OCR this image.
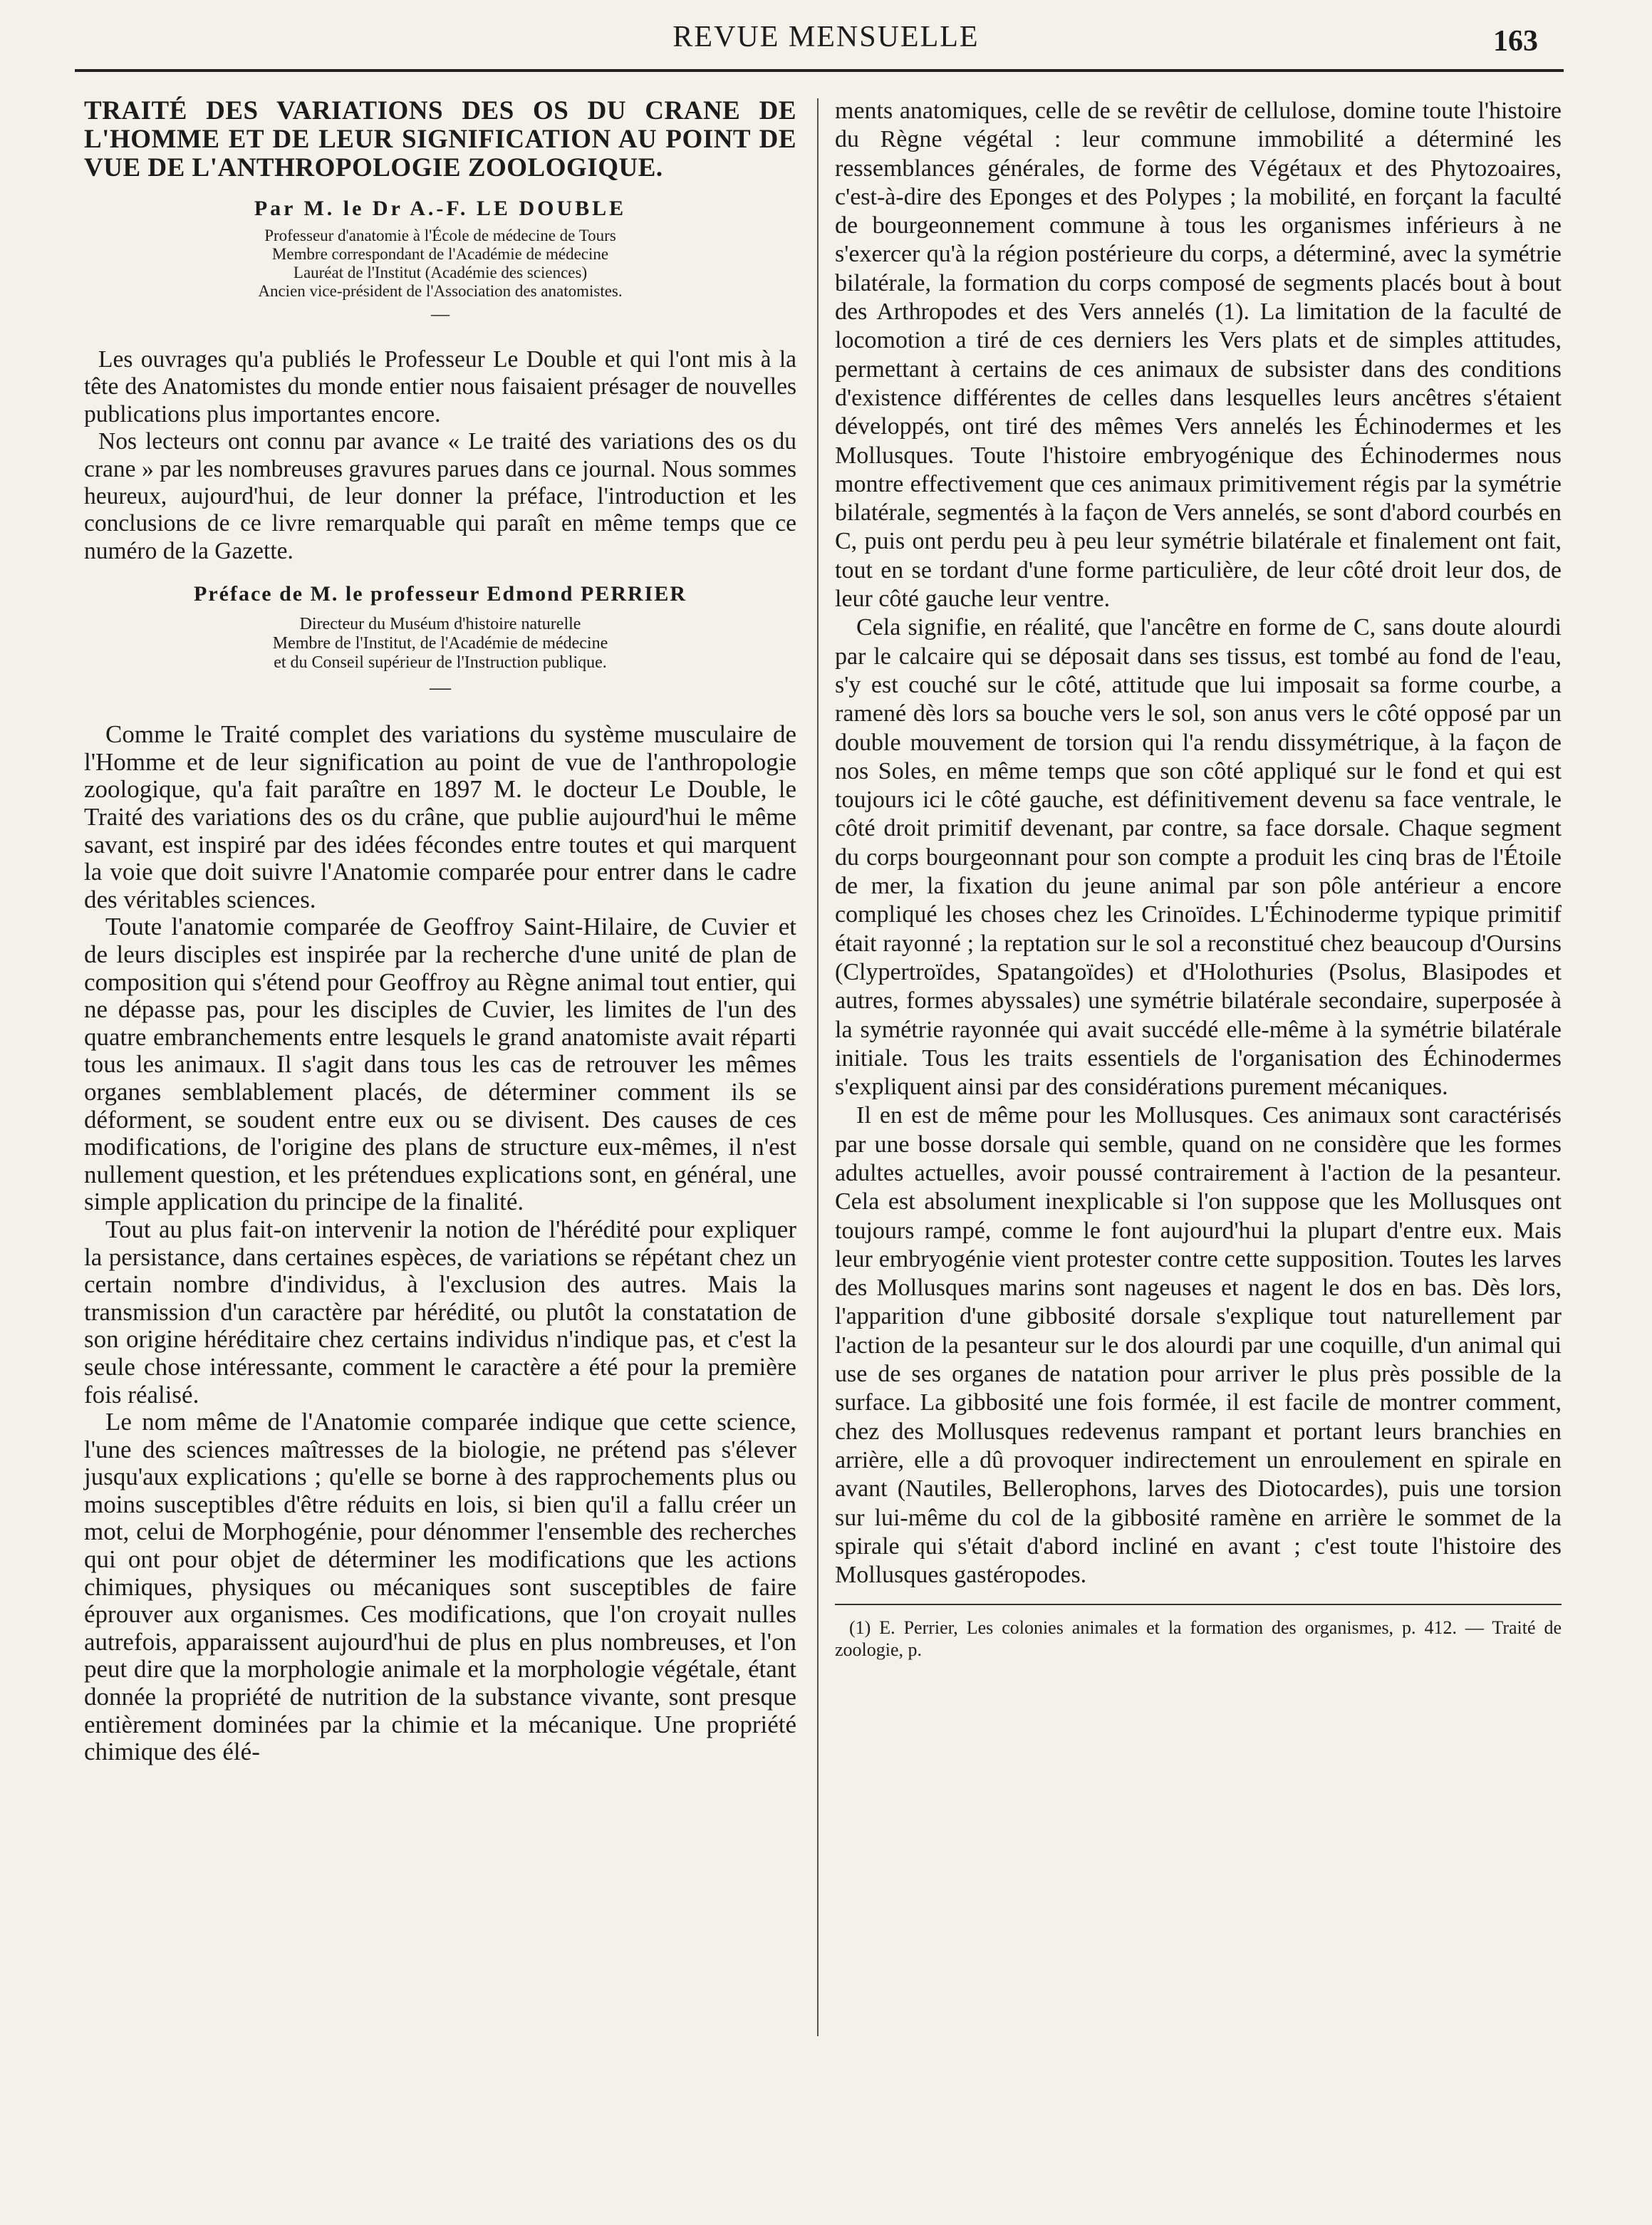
REVUE MENSUELLE	163
TRAITÉ DES VARIATIONS DES OS DU CRANE DE L'HOMME ET DE LEUR SIGNIFICATION AU POINT DE VUE DE L'ANTHROPOLOGIE ZOOLOGIQUE.
Par M. le Dr A.-F. LE DOUBLE

Professeur d'anatomie à l'École de médecine de Tours

Membre correspondant de l'Académie de médecine

Lauréat de l'Institut (Académie des sciences)

Ancien vice-président de l'Association des anatomistes.

—

Les ouvrages qu'a publiés le Professeur Le Double et qui l'ont mis à la tête des Anatomistes du monde entier nous faisaient présager de nouvelles publications plus importantes encore.

Nos lecteurs ont connu par avance « Le traité des variations des os du crane » par les nombreuses gravures parues dans ce journal. Nous sommes heureux, aujourd'hui, de leur donner la préface, l'introduction et les conclusions de ce livre remarquable qui paraît en même temps que ce numéro de la Gazette.

Préface de M. le professeur Edmond PERRIER

Directeur du Muséum d'histoire naturelle

Membre de l'Institut, de l'Académie de médecine

et du Conseil supérieur de l'Instruction publique.

—

Comme le Traité complet des variations du système musculaire de l'Homme et de leur signification au point de vue de l'anthropologie zoologique, qu'a fait paraître en 1897 M. le docteur Le Double, le Traité des variations des os du crâne, que publie aujourd'hui le même savant, est inspiré par des idées fécondes entre toutes et qui marquent la voie que doit suivre l'Anatomie comparée pour entrer dans le cadre des véritables sciences.

Toute l'anatomie comparée de Geoffroy Saint-Hilaire, de Cuvier et de leurs disciples est inspirée par la recherche d'une unité de plan de composition qui s'étend pour Geoffroy au Règne animal tout entier, qui ne dépasse pas, pour les disciples de Cuvier, les limites de l'un des quatre embranchements entre lesquels le grand anatomiste avait réparti tous les animaux. Il s'agit dans tous les cas de retrouver les mêmes organes semblablement placés, de déterminer comment ils se déforment, se soudent entre eux ou se divisent. Des causes de ces modifications, de l'origine des plans de structure eux-mêmes, il n'est nullement question, et les prétendues explications sont, en général, une simple application du principe de la finalité.

Tout au plus fait-on intervenir la notion de l'hérédité pour expliquer la persistance, dans certaines espèces, de variations se répétant chez un certain nombre d'individus, à l'exclusion des autres. Mais la transmission d'un caractère par hérédité, ou plutôt la constatation de son origine héréditaire chez certains individus n'indique pas, et c'est la seule chose intéressante, comment le caractère a été pour la première fois réalisé.

Le nom même de l'Anatomie comparée indique que cette science, l'une des sciences maîtresses de la biologie, ne prétend pas s'élever jusqu'aux explications ; qu'elle se borne à des rapprochements plus ou moins susceptibles d'être réduits en lois, si bien qu'il a fallu créer un mot, celui de Morphogénie, pour dénommer l'ensemble des recherches qui ont pour objet de déterminer les modifications que les actions chimiques, physiques ou mécaniques sont susceptibles de faire éprouver aux organismes. Ces modifications, que l'on croyait nulles autrefois, apparaissent aujourd'hui de plus en plus nombreuses, et l'on peut dire que la morphologie animale et la morphologie végétale, étant donnée la propriété de nutrition de la substance vivante, sont presque entièrement dominées par la chimie et la mécanique. Une propriété chimique des élé-

ments anatomiques, celle de se revêtir de cellulose, domine toute l'histoire du Règne végétal : leur commune immobilité a déterminé les ressemblances générales, de forme des Végétaux et des Phytozoaires, c'est-à-dire des Eponges et des Polypes ; la mobilité, en forçant la faculté de bourgeonnement commune à tous les organismes inférieurs à ne s'exercer qu'à la région postérieure du corps, a déterminé, avec la symétrie bilatérale, la formation du corps composé de segments placés bout à bout des Arthropodes et des Vers annelés (1). La limitation de la faculté de locomotion a tiré de ces derniers les Vers plats et de simples attitudes, permettant à certains de ces animaux de subsister dans des conditions d'existence différentes de celles dans lesquelles leurs ancêtres s'étaient développés, ont tiré des mêmes Vers annelés les Échinodermes et les Mollusques. Toute l'histoire embryogénique des Échinodermes nous montre effectivement que ces animaux primitivement régis par la symétrie bilatérale, segmentés à la façon de Vers annelés, se sont d'abord courbés en C, puis ont perdu peu à peu leur symétrie bilatérale et finalement ont fait, tout en se tordant d'une forme particulière, de leur côté droit leur dos, de leur côté gauche leur ventre.

Cela signifie, en réalité, que l'ancêtre en forme de C, sans doute alourdi par le calcaire qui se déposait dans ses tissus, est tombé au fond de l'eau, s'y est couché sur le côté, attitude que lui imposait sa forme courbe, a ramené dès lors sa bouche vers le sol, son anus vers le côté opposé par un double mouvement de torsion qui l'a rendu dissymétrique, à la façon de nos Soles, en même temps que son côté appliqué sur le fond et qui est toujours ici le côté gauche, est définitivement devenu sa face ventrale, le côté droit primitif devenant, par contre, sa face dorsale. Chaque segment du corps bourgeonnant pour son compte a produit les cinq bras de l'Étoile de mer, la fixation du jeune animal par son pôle antérieur a encore compliqué les choses chez les Crinoïdes. L'Échinoderme typique primitif était rayonné ; la reptation sur le sol a reconstitué chez beaucoup d'Oursins (Clypertroïdes, Spatangoïdes) et d'Holothuries (Psolus, Blasipodes et autres, formes abyssales) une symétrie bilatérale secondaire, superposée à la symétrie rayonnée qui avait succédé elle-même à la symétrie bilatérale initiale. Tous les traits essentiels de l'organisation des Échinodermes s'expliquent ainsi par des considérations purement mécaniques.

Il en est de même pour les Mollusques. Ces animaux sont caractérisés par une bosse dorsale qui semble, quand on ne considère que les formes adultes actuelles, avoir poussé contrairement à l'action de la pesanteur. Cela est absolument inexplicable si l'on suppose que les Mollusques ont toujours rampé, comme le font aujourd'hui la plupart d'entre eux. Mais leur embryogénie vient protester contre cette supposition. Toutes les larves des Mollusques marins sont nageuses et nagent le dos en bas. Dès lors, l'apparition d'une gibbosité dorsale s'explique tout naturellement par l'action de la pesanteur sur le dos alourdi par une coquille, d'un animal qui use de ses organes de natation pour arriver le plus près possible de la surface. La gibbosité une fois formée, il est facile de montrer comment, chez des Mollusques redevenus rampant et portant leurs branchies en arrière, elle a dû provoquer indirectement un enroulement en spirale en avant (Nautiles, Bellerophons, larves des Diotocardes), puis une torsion sur lui-même du col de la gibbosité ramène en arrière le sommet de la spirale qui s'était d'abord incliné en avant ; c'est toute l'histoire des Mollusques gastéropodes.

(1) E. Perrier, Les colonies animales et la formation des organismes, p. 412. — Traité de zoologie, p.
